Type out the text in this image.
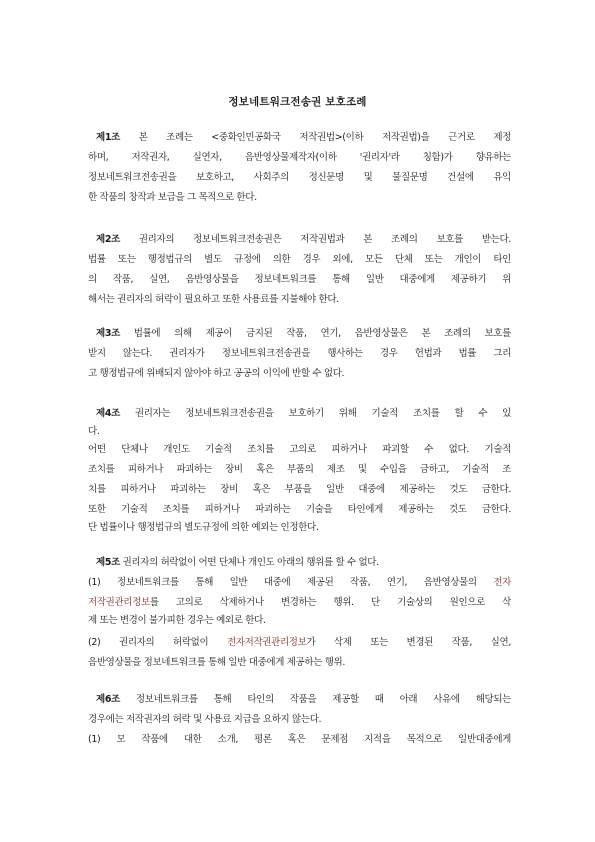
정보네트워크전송권 보호조례
제1조 본 조례는 <중화인민공화국 저작권법>(이하 저작권법)을 근거로 제정
하며, 저작권자, 실연자, 음반영상물제작자(이하 '권리자'라 칭함)가 향유하는
정보네트워크전송권을 보호하고, 사회주의 정신문명 및 물질문명 건설에 유익
한 작품의 창작과 보급을 그 목적으로 한다.
제2조 권리자의 정보네트워크전송권은 저작권법과 본 조례의 보호를 받는다.
법률 또는 행정법규의 별도 규정에 의한 경우 외에, 모든 단체 또는 개인이 타인
의 작품, 실연, 음반영상물을 정보네트워크를 통해 일반 대중에게 제공하기 위
해서는 권리자의 허락이 필요하고 또한 사용료를 지불해야 한다.
제3조 법률에 의해 제공이 금지된 작품, 연기, 음반영상물은 본 조례의 보호를
받지 않는다. 권리자가 정보네트워크전송권을 행사하는 경우 헌법과 법률 그리
고 행정법규에 위배되지 않아야 하고 공공의 이익에 반할 수 없다.
제4조 권리자는 정보네트워크전송권을 보호하기 위해 기술적 조치를 할 수 있
다.
어떤 단체나 개인도 기술적 조치를 고의로 피하거나 파괴할 수 없다. 기술적
조치를 피하거나 파괴하는 장비 혹은 부품의 제조 및 수입을 금하고, 기술적 조
치를 피하거나 파괴하는 장비 혹은 부품을 일반 대중에 제공하는 것도 금한다.
또한 기술적 조치를 피하거나 파괴하는 기술을 타인에게 제공하는 것도 금한다.
단 법률이나 행정법규의 별도규정에 의한 예외는 인정한다.
제5조 권리자의 허락없이 어떤 단체나 개인도 아래의 행위를 할 수 없다.
(1) 정보네트워크를 통해 일반 대중에 제공된 작품, 연기, 음반영상물의 전자
저작권관리정보를 고의로 삭제하거나 변경하는 행위. 단 기술상의 원인으로 삭
제 또는 변경이 불가피한 경우는 예외로 한다.
(2) 권리자의 허락없이 전자저작권관리정보가 삭제 또는 변경된 작품, 실연,
음반영상물을 정보네트워크를 통해 일반 대중에게 제공하는 행위.
제6조 정보네트워크를 통해 타인의 작품을 제공할 때 아래 사유에 해당되는
경우에는 저작권자의 허락 및 사용료 지급을 요하지 않는다.
(1) 모 작품에 대한 소개, 평론 혹은 문제점 지적을 목적으로 일반대중에게
